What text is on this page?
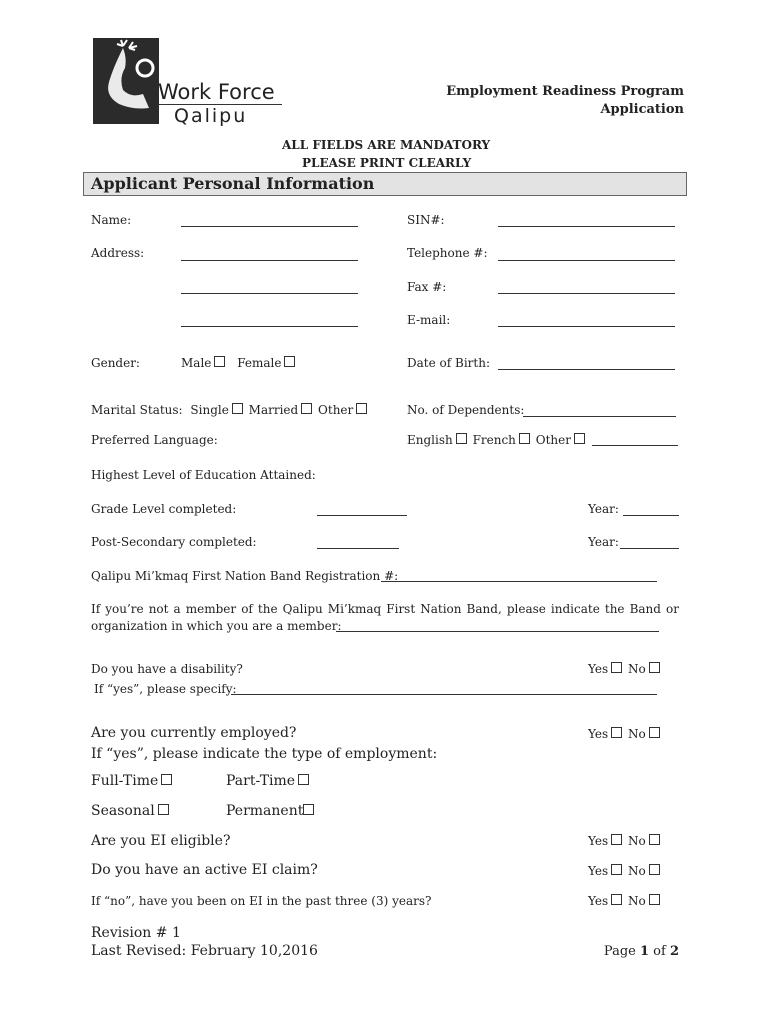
Work Force
Qalipu
Employment Readiness Program
Application
ALL FIELDS ARE MANDATORY
PLEASE PRINT CLEARLY
Applicant Personal Information
Name:	SIN#:
Address:	Telephone #:
Fax #:
E-mail:
Gender:	Male Female	Date of Birth:
Marital Status: Single Married Other	No. of Dependents:
Preferred Language:	English French Other
Highest Level of Education Attained:
Grade Level completed:	Year:
Post-Secondary completed:	Year:
Qalipu Mi’kmaq First Nation Band Registration #:
If you’re not a member of the Qalipu Mi’kmaq First Nation Band, please indicate the Band or
organization in which you are a member:
Do you have a disability?	Yes No
If “yes”, please specify:
Are you currently employed?	Yes No
If “yes”, please indicate the type of employment:
Full-Time	Part-Time
Seasonal	Permanent
Are you EI eligible?	Yes No
Do you have an active EI claim?	Yes No
If “no”, have you been on EI in the past three (3) years?	Yes No
Revision # 1
Last Revised: February 10,2016	Page 1 of 2
